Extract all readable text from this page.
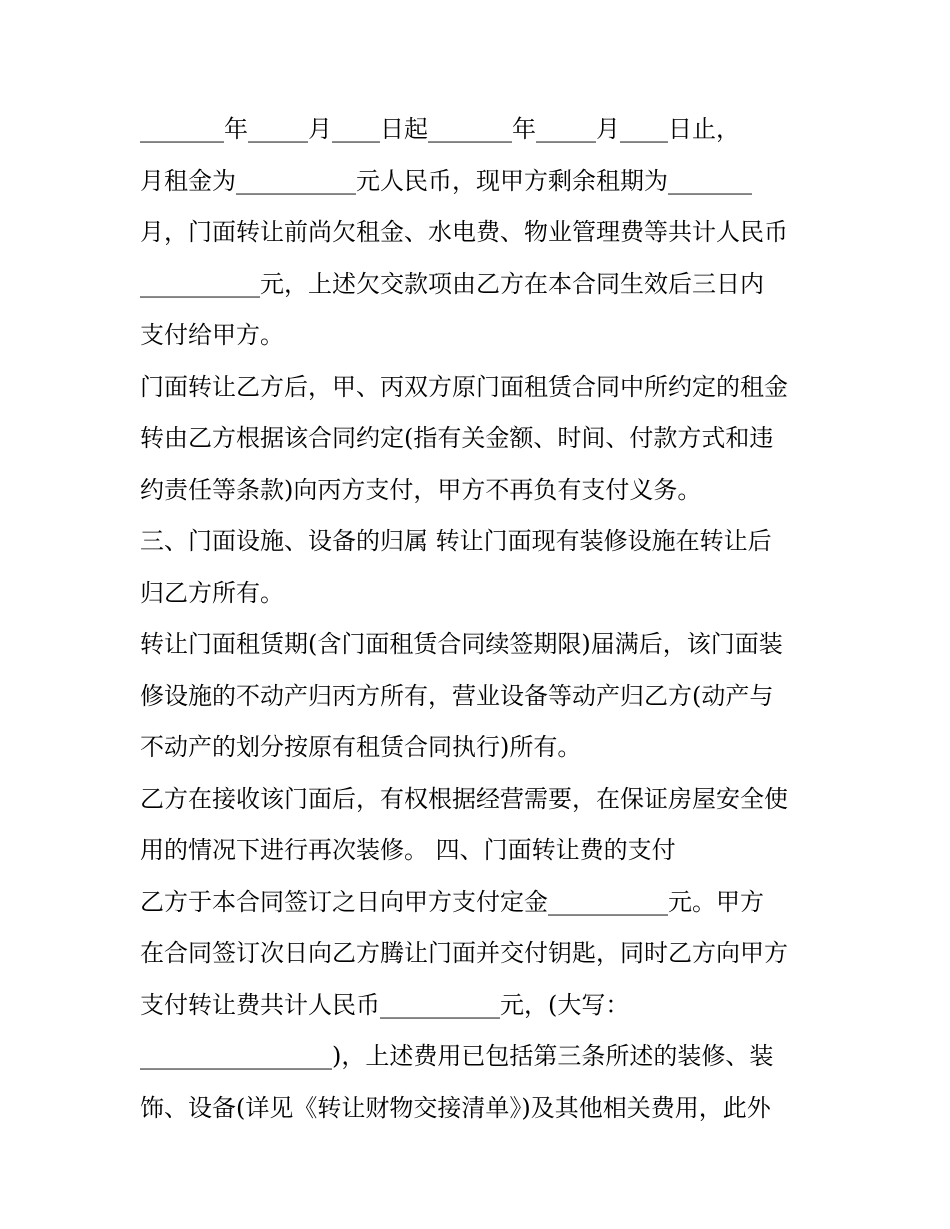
_______年_____月____日起_______年_____月____日止，
月租金为__________元人民币，现甲方剩余租期为_______
月，门面转让前尚欠租金、水电费、物业管理费等共计人民币
__________元，上述欠交款项由乙方在本合同生效后三日内
支付给甲方。
门面转让乙方后，甲、丙双方原门面租赁合同中所约定的租金
转由乙方根据该合同约定(指有关金额、时间、付款方式和违
约责任等条款)向丙方支付，甲方不再负有支付义务。
三、门面设施、设备的归属 转让门面现有装修设施在转让后
归乙方所有。
转让门面租赁期(含门面租赁合同续签期限)届满后，该门面装
修设施的不动产归丙方所有，营业设备等动产归乙方(动产与
不动产的划分按原有租赁合同执行)所有。
乙方在接收该门面后，有权根据经营需要，在保证房屋安全使
用的情况下进行再次装修。 四、门面转让费的支付
乙方于本合同签订之日向甲方支付定金__________元。甲方
在合同签订次日向乙方腾让门面并交付钥匙，同时乙方向甲方
支付转让费共计人民币__________元，(大写：
________________)，上述费用已包括第三条所述的装修、装
饰、设备(详见《转让财物交接清单》)及其他相关费用，此外
